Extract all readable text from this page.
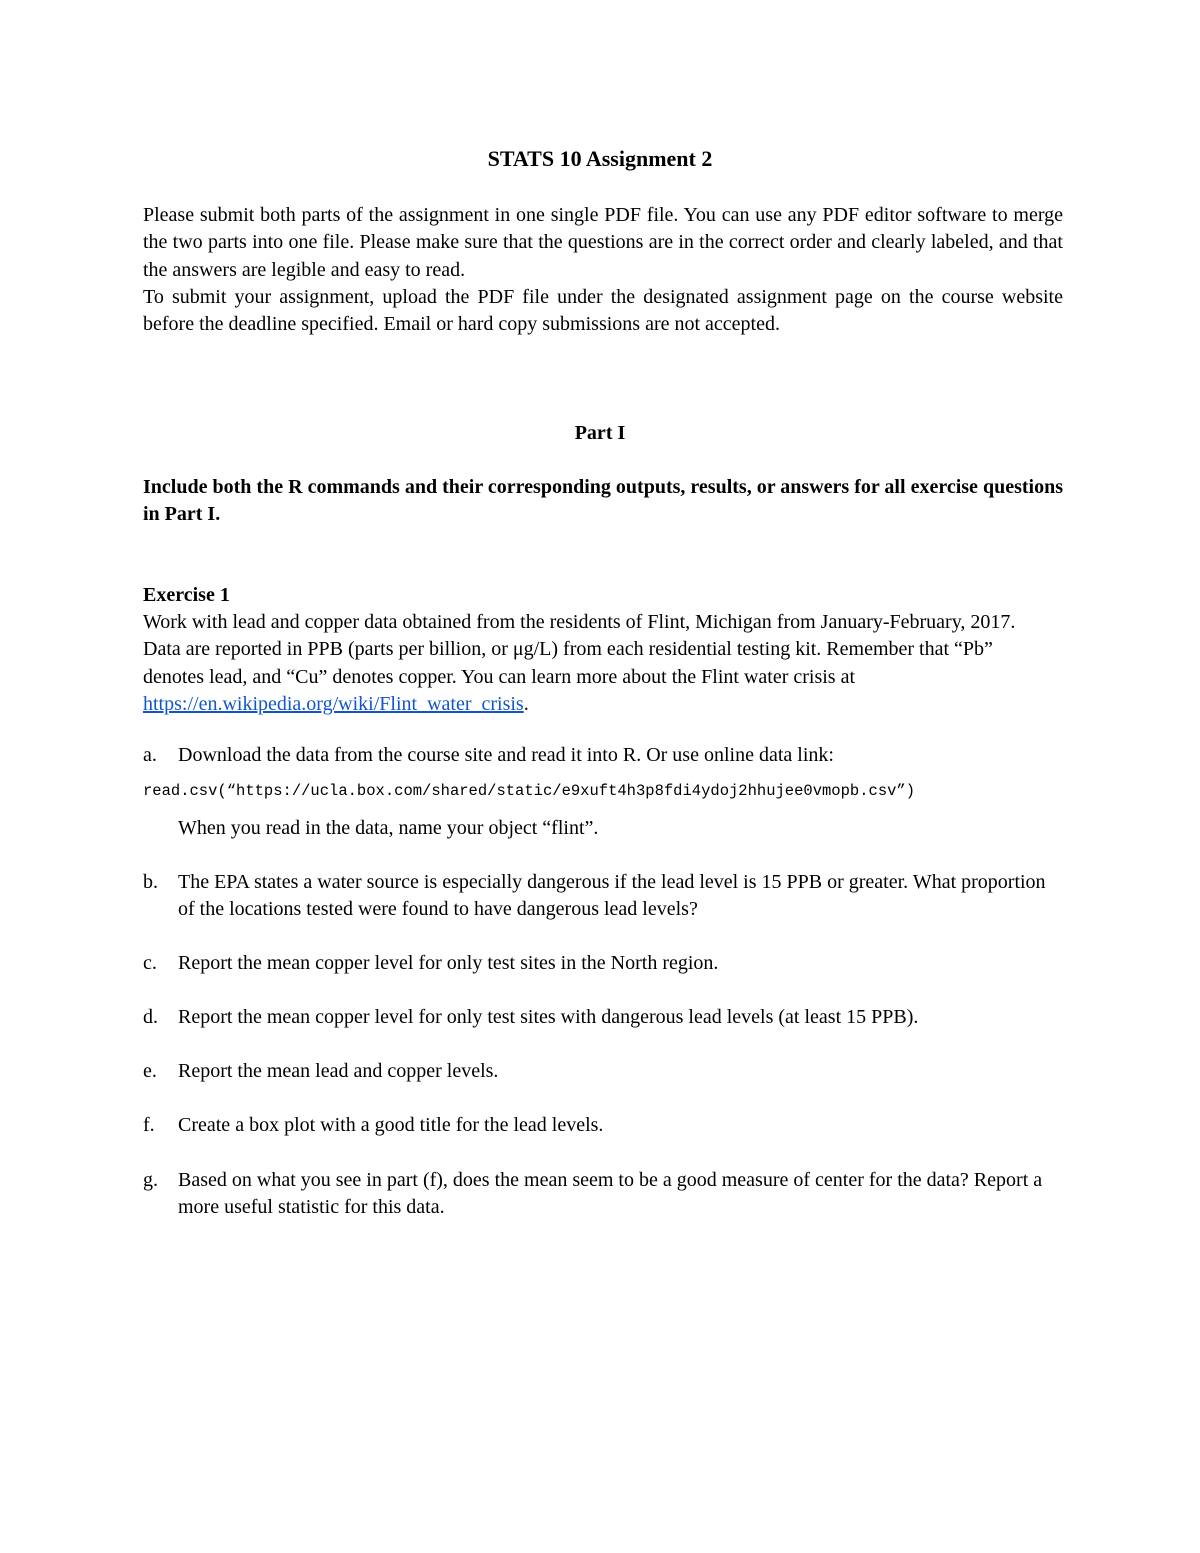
STATS 10 Assignment 2

Please submit both parts of the assignment in one single PDF file. You can use any PDF editor software to merge the two parts into one file. Please make sure that the questions are in the correct order and clearly labeled, and that the answers are legible and easy to read.

To submit your assignment, upload the PDF file under the designated assignment page on the course website before the deadline specified. Email or hard copy submissions are not accepted.

Part I
Include both the R commands and their corresponding outputs, results, or answers for all exercise questions in Part I.
Exercise 1
Work with lead and copper data obtained from the residents of Flint, Michigan from January-February, 2017. Data are reported in PPB (parts per billion, or μg/L) from each residential testing kit. Remember that “Pb” denotes lead, and “Cu” denotes copper. You can learn more about the Flint water crisis at https://en.wikipedia.org/wiki/Flint_water_crisis.
a.	Download the data from the course site and read it into R. Or use online data link:
read.csv(“https://ucla.box.com/shared/static/e9xuft4h3p8fdi4ydoj2hhujee0vmopb.csv”)
When you read in the data, name your object “flint”.
b.	The EPA states a water source is especially dangerous if the lead level is 15 PPB or greater. What proportion of the locations tested were found to have dangerous lead levels?
c.	Report the mean copper level for only test sites in the North region.
d.	Report the mean copper level for only test sites with dangerous lead levels (at least 15 PPB).
e.	Report the mean lead and copper levels.
f.	Create a box plot with a good title for the lead levels.
g.	Based on what you see in part (f), does the mean seem to be a good measure of center for the data? Report a more useful statistic for this data.
